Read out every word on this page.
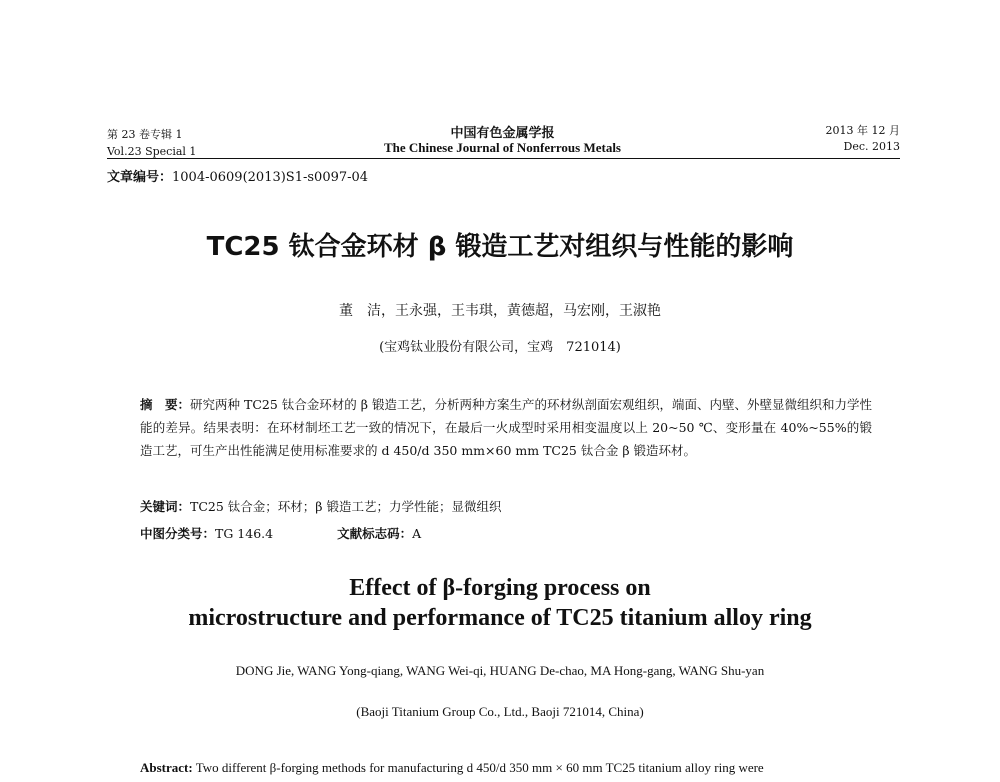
第 23 卷专辑 1
Vol.23 Special 1
中国有色金属学报
The Chinese Journal of Nonferrous Metals
2013 年 12 月
Dec. 2013
文章编号：1004-0609(2013)S1-s0097-04
TC25 钛合金环材 β 锻造工艺对组织与性能的影响
董　洁，王永强，王韦琪，黄德超，马宏刚，王淑艳
(宝鸡钛业股份有限公司，宝鸡　721014)
摘　要：研究两种 TC25 钛合金环材的 β 锻造工艺，分析两种方案生产的环材纵剖面宏观组织，端面、内壁、外壁显微组织和力学性能的差异。结果表明：在环材制坯工艺一致的情况下，在最后一火成型时采用相变温度以上 20~50 ℃、变形量在 40%~55%的锻造工艺，可生产出性能满足使用标准要求的 d 450/d 350 mm×60 mm TC25 钛合金 β 锻造环材。
关键词：TC25 钛合金；环材；β 锻造工艺；力学性能；显微组织
中图分类号：TG 146.4	文献标志码：A
Effect of β-forging process on
microstructure and performance of TC25 titanium alloy ring
DONG Jie, WANG Yong-qiang, WANG Wei-qi, HUANG De-chao, MA Hong-gang, WANG Shu-yan
(Baoji Titanium Group Co., Ltd., Baoji 721014, China)
Abstract: Two different β-forging methods for manufacturing d 450/d 350 mm × 60 mm TC25 titanium alloy ring were
